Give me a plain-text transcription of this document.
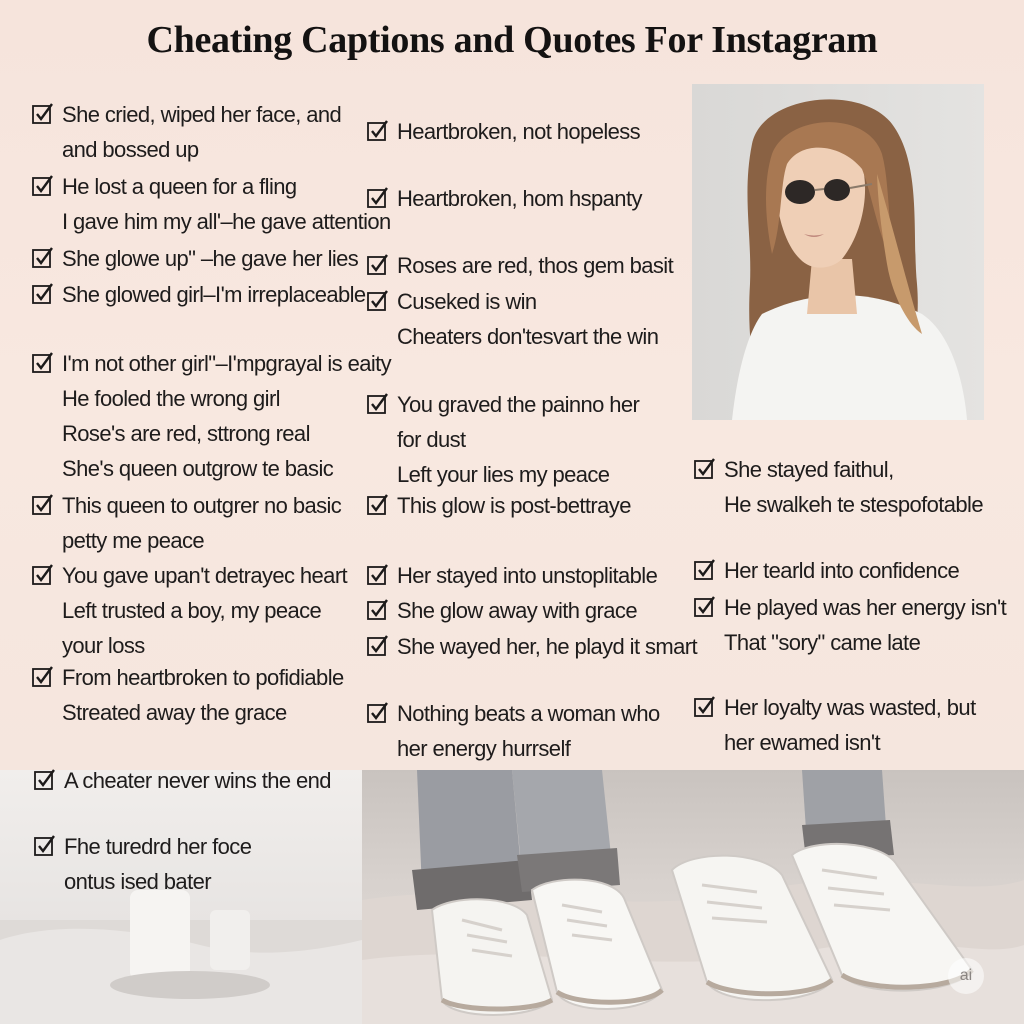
Cheating Captions and Quotes For Instagram
She cried, wiped her face, and
and bossed up
He lost a queen for a fling
I gave him my all'–he gave attention
She glowe up" –he gave her lies
She glowed girl–I'm irreplaceable
I'm not other girl"–I'mpgrayal is eaity
He fooled the wrong girl
Rose's are red, sttrong real
She's queen outgrow te basic
This queen to outgrer no basic
petty me peace
You gave upan't detrayec heart
Left trusted a boy, my peace
your loss
From heartbroken to pofidiable
Streated away the grace
A cheater never wins the end
Fhe turedrd her foce
ontus ised bater
Heartbroken, not hopeless
Heartbroken, hom hspanty
Roses are red, thos gem basit
Cuseked is win
Cheaters don'tesvart the win
You graved the painno her
for dust
Left your lies my peace
This glow is post-bettraye
Her stayed into unstoplitable
She glow away with grace
She wayed her, he playd it smart
Nothing beats a woman who
her energy hurrself
She stayed faithul,
He swalkeh te stespofotable
Her tearld into confidence
He played was her energy isn't
That "sory" came late
Her loyalty was wasted, but
her ewamed isn't
ai
